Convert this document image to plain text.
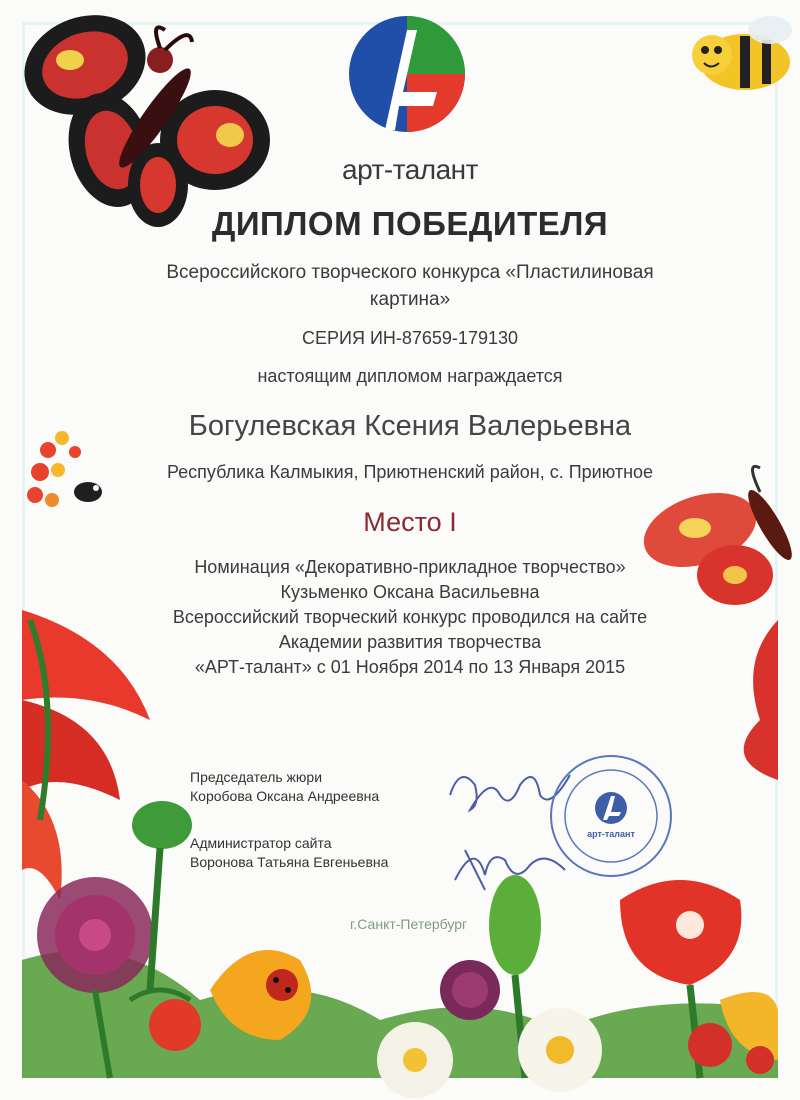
арт-талант
ДИПЛОМ ПОБЕДИТЕЛЯ
Всероссийского творческого конкурса «Пластилиновая
картина»
СЕРИЯ ИН-87659-179130
настоящим дипломом награждается
Богулевская Ксения Валерьевна
Республика Калмыкия, Приютненский район, с. Приютное
Место I
Номинация «Декоративно-прикладное творчество»
Кузьменко Оксана Васильевна
Всероссийский творческий конкурс проводился на сайте
Академии развития творчества
«АРТ-талант» с 01 Ноября 2014 по 13 Января 2015
Председатель жюри
Коробова Оксана Андреевна
Администратор сайта
Воронова Татьяна Евгеньевна
арт-талант
г.Санкт-Петербург
